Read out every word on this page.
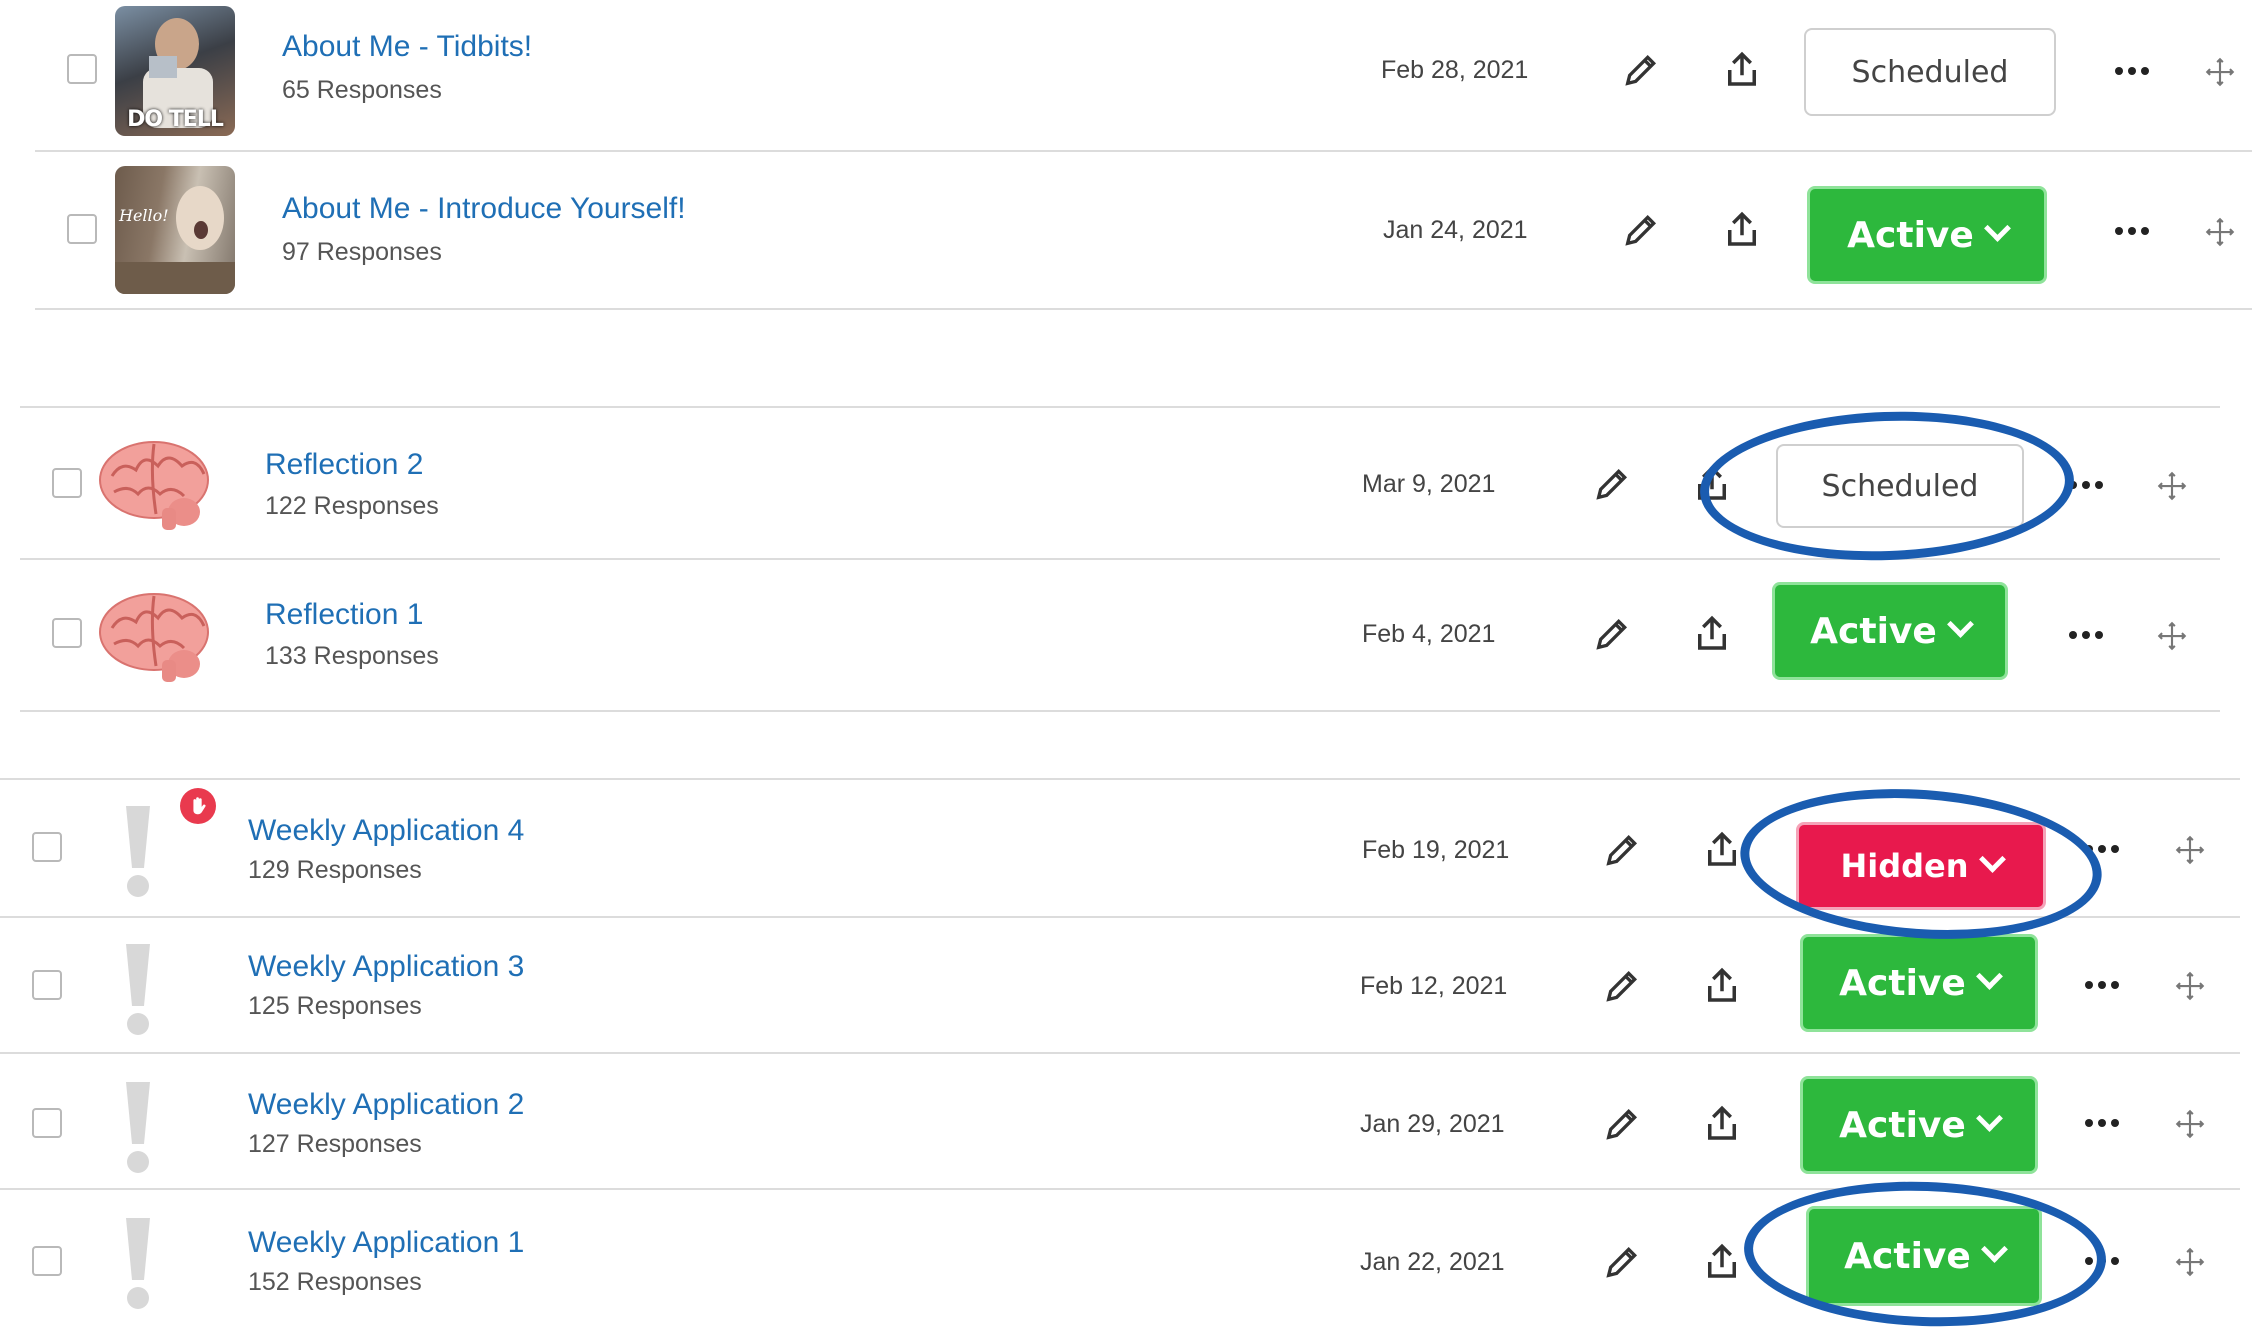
DO TELL
About Me - Tidbits!
65 Responses
Feb 28, 2021	Scheduled
Hello!	About Me - Introduce Yourself!
97 Responses
Jan 24, 2021	Active
Reflection 2
122 Responses
Mar 9, 2021	Scheduled
Reflection 1
133 Responses
Feb 4, 2021	Active
Weekly Application 4
129 Responses
Feb 19, 2021	Hidden
Weekly Application 3
125 Responses
Feb 12, 2021	Active
Weekly Application 2
127 Responses
Jan 29, 2021	Active
Weekly Application 1
152 Responses
Jan 22, 2021	Active
